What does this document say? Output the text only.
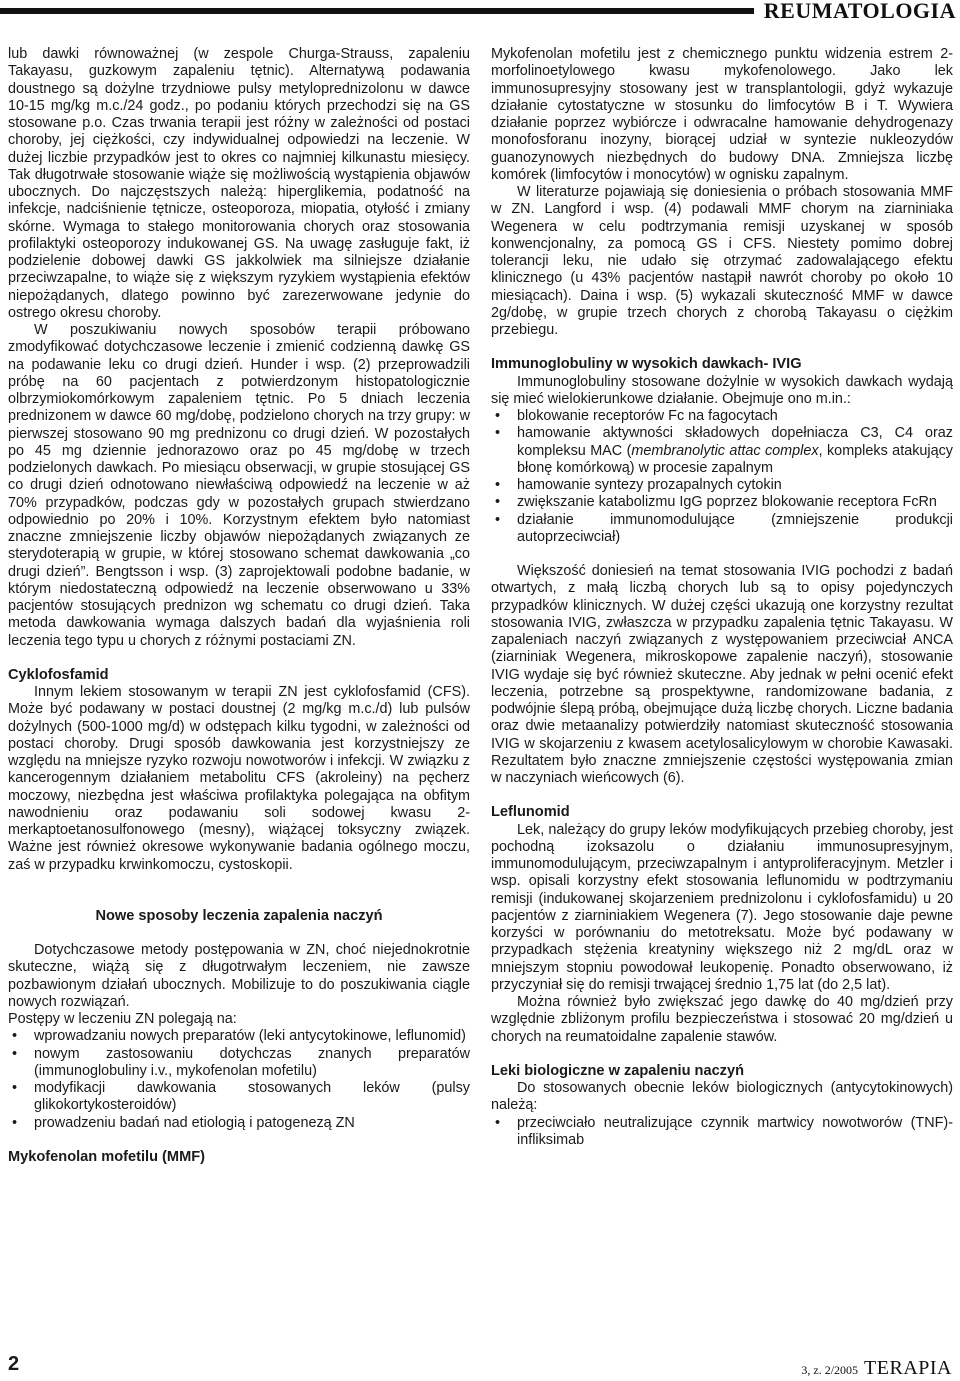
REUMATOLOGIA

lub dawki równoważnej (w zespole Churga-Strauss, zapaleniu Takayasu, guzkowym zapaleniu tętnic). Alternatywą podawania doustnego są dożylne trzydniowe pulsy metyloprednizolonu w dawce 10-15 mg/kg m.c./24 godz., po podaniu których przechodzi się na GS stosowane p.o. Czas trwania terapii jest różny w zależności od postaci choroby, jej ciężkości, czy indywidualnej odpowiedzi na leczenie. W dużej liczbie przypadków jest to okres co najmniej kilkunastu miesięcy. Tak długotrwałe stosowanie wiąże się możliwością wystąpienia objawów ubocznych. Do najczęstszych należą: hiperglikemia, podatność na infekcje, nadciśnienie tętnicze, osteoporoza, miopatia, otyłość i zmiany skórne. Wymaga to stałego monitorowania chorych oraz stosowania profilaktyki osteoporozy indukowanej GS. Na uwagę zasługuje fakt, iż podzielenie dobowej dawki GS jakkolwiek ma silniejsze działanie przeciwzapalne, to wiąże się z większym ryzykiem wystąpienia efektów niepożądanych, dlatego powinno być zarezerwowane jedynie do ostrego okresu choroby.

W poszukiwaniu nowych sposobów terapii próbowano zmodyfikować dotychczasowe leczenie i zmienić codzienną dawkę GS na podawanie leku co drugi dzień. Hunder i wsp. (2) przeprowadzili próbę na 60 pacjentach z potwierdzonym histopatologicznie olbrzymiokomórkowym zapaleniem tętnic. Po 5 dniach leczenia prednizonem w dawce 60 mg/dobę, podzielono chorych na trzy grupy: w pierwszej stosowano 90 mg prednizonu co drugi dzień. W pozostałych po 45 mg dziennie jednorazowo oraz po 45 mg/dobę w trzech podzielonych dawkach. Po miesiącu obserwacji, w grupie stosującej GS co drugi dzień odnotowano niewłaściwą odpowiedź na leczenie w aż 70% przypadków, podczas gdy w pozostałych grupach stwierdzano odpowiednio po 20% i 10%. Korzystnym efektem było natomiast znaczne zmniejszenie liczby objawów niepożądanych związanych ze sterydoterapią w grupie, w której stosowano schemat dawkowania „co drugi dzień”. Bengtsson i wsp. (3) zaprojektowali podobne badanie, w którym niedostateczną odpowiedź na leczenie obserwowano u 33% pacjentów stosujących prednizon wg schematu co drugi dzień. Taka metoda dawkowania wymaga dalszych badań dla wyjaśnienia roli leczenia tego typu u chorych z różnymi postaciami ZN.

Cyklofosfamid

Innym lekiem stosowanym w terapii ZN jest cyklofosfamid (CFS). Może być podawany w postaci doustnej (2 mg/kg m.c./d) lub pulsów dożylnych (500-1000 mg/d) w odstępach kilku tygodni, w zależności od postaci choroby. Drugi sposób dawkowania jest korzystniejszy ze względu na mniejsze ryzyko rozwoju nowotworów i infekcji. W związku z kancerogennym działaniem metabolitu CFS (akroleiny) na pęcherz moczowy, niezbędna jest właściwa profilaktyka polegająca na obfitym nawodnieniu oraz podawaniu soli sodowej kwasu 2-merkaptoetanosulfonowego (mesny), wiążącej toksyczny związek. Ważne jest również okresowe wykonywanie badania ogólnego moczu, zaś w przypadku krwinkomoczu, cystoskopii.

Nowe sposoby leczenia zapalenia naczyń

Dotychczasowe metody postępowania w ZN, choć niejednokrotnie skuteczne, wiążą się z długotrwałym leczeniem, nie zawsze pozbawionym działań ubocznych. Mobilizuje to do poszukiwania ciągle nowych rozwiązań.

Postępy w leczeniu ZN polegają na:

• wprowadzaniu nowych preparatów (leki antycytokinowe, leflunomid)
• nowym zastosowaniu dotychczas znanych preparatów (immunoglobuliny i.v., mykofenolan mofetilu)
• modyfikacji dawkowania stosowanych leków (pulsy glikokortykosteroidów)
• prowadzeniu badań nad etiologią i patogenezą ZN
Mykofenolan mofetilu (MMF)

Mykofenolan mofetilu jest z chemicznego punktu widzenia estrem 2-morfolinoetylowego kwasu mykofenolowego. Jako lek immunosupresyjny stosowany jest w transplantologii, gdyż wykazuje działanie cytostatyczne w stosunku do limfocytów B i T. Wywiera działanie poprzez wybiórcze i odwracalne hamowanie dehydrogenazy monofosforanu inozyny, biorącej udział w syntezie nukleozydów guanozynowych niezbędnych do budowy DNA. Zmniejsza liczbę komórek (limfocytów i monocytów) w ognisku zapalnym.

W literaturze pojawiają się doniesienia o próbach stosowania MMF w ZN. Langford i wsp. (4) podawali MMF chorym na ziarniniaka Wegenera w celu podtrzymania remisji uzyskanej w sposób konwencjonalny, za pomocą GS i CFS. Niestety pomimo dobrej tolerancji leku, nie udało się otrzymać zadowalającego efektu klinicznego (u 43% pacjentów nastąpił nawrót choroby po około 10 miesiącach). Daina i wsp. (5) wykazali skuteczność MMF w dawce 2g/dobę, w grupie trzech chorych z chorobą Takayasu o ciężkim przebiegu.

Immunoglobuliny w wysokich dawkach- IVIG

Immunoglobuliny stosowane dożylnie w wysokich dawkach wydają się mieć wielokierunkowe działanie. Obejmuje ono m.in.:

• blokowanie receptorów Fc na fagocytach
• hamowanie aktywności składowych dopełniacza C3, C4 oraz kompleksu MAC (membranolytic attac complex, kompleks atakujący błonę komórkową) w procesie zapalnym
• hamowanie syntezy prozapalnych cytokin
• zwiększanie katabolizmu IgG poprzez blokowanie receptora FcRn
• działanie immunomodulujące (zmniejszenie produkcji autoprzeciwciał)

Większość doniesień na temat stosowania IVIG pochodzi z badań otwartych, z małą liczbą chorych lub są to opisy pojedynczych przypadków klinicznych. W dużej części ukazują one korzystny rezultat stosowania IVIG, zwłaszcza w przypadku zapalenia tętnic Takayasu. W zapaleniach naczyń związanych z występowaniem przeciwciał ANCA (ziarniniak Wegenera, mikroskopowe zapalenie naczyń), stosowanie IVIG wydaje się być również skuteczne. Aby jednak w pełni ocenić efekt leczenia, potrzebne są prospektywne, randomizowane badania, z podwójnie ślepą próbą, obejmujące dużą liczbę chorych. Liczne badania oraz dwie metaanalizy potwierdziły natomiast skuteczność stosowania IVIG w skojarzeniu z kwasem acetylosalicylowym w chorobie Kawasaki. Rezultatem było znaczne zmniejszenie częstości występowania zmian w naczyniach wieńcowych (6).

Leflunomid

Lek, należący do grupy leków modyfikujących przebieg choroby, jest pochodną izoksazolu o działaniu immunosupresyjnym, immunomodulującym, przeciwzapalnym i antyproliferacyjnym. Metzler i wsp. opisali korzystny efekt stosowania leflunomidu w podtrzymaniu remisji (indukowanej skojarzeniem prednizolonu i cyklofosfamidu) u 20 pacjentów z ziarniniakiem Wegenera (7). Jego stosowanie daje pewne korzyści w porównaniu do metotreksatu. Może być podawany w przypadkach stężenia kreatyniny większego niż 2 mg/dL oraz w mniejszym stopniu powodował leukopenię. Ponadto obserwowano, iż przyczyniał się do remisji trwającej średnio 1,75 lat (do 2,5 lat).

Można również było zwiększać jego dawkę do 40 mg/dzień przy względnie zbliżonym profilu bezpieczeństwa i stosować 20 mg/dzień u chorych na reumatoidalne zapalenie stawów.

Leki biologiczne w zapaleniu naczyń

Do stosowanych obecnie leków biologicznych (antycytokinowych) należą:

• przeciwciało neutralizujące czynnik martwicy nowotworów (TNF)- infliksimab
2	3, z. 2/2005 TERAPIA
